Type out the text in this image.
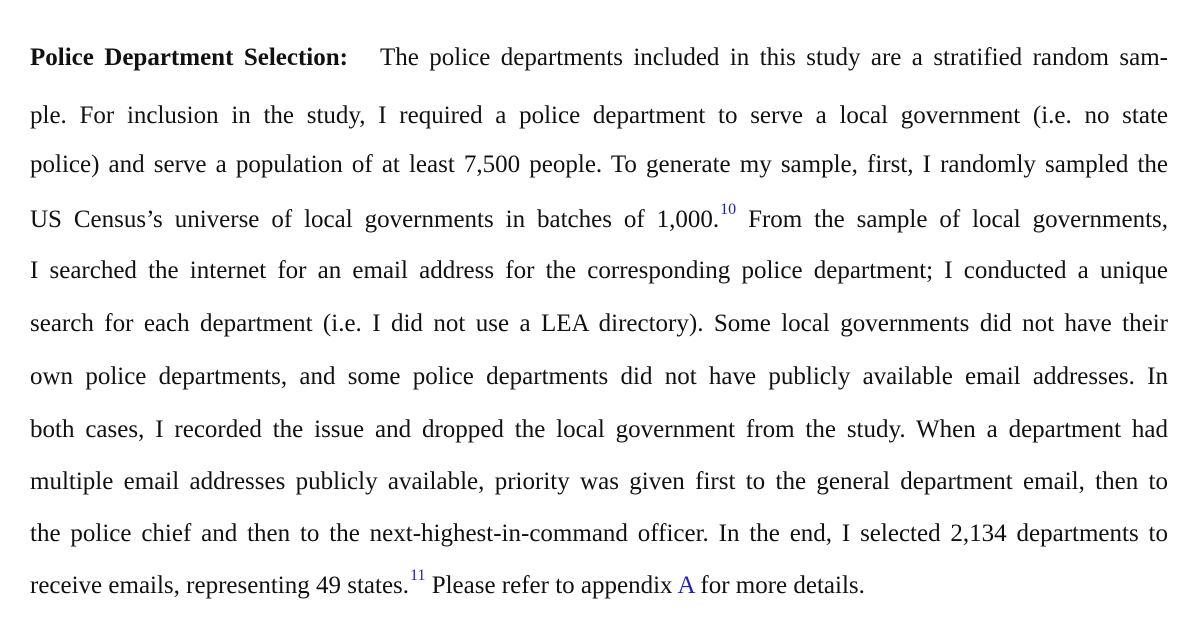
Police Department Selection: The police departments included in this study are a stratified random sam-
ple. For inclusion in the study, I required a police department to serve a local government (i.e. no state
police) and serve a population of at least 7,500 people. To generate my sample, first, I randomly sampled the
US Census’s universe of local governments in batches of 1,000.10 From the sample of local governments,
I searched the internet for an email address for the corresponding police department; I conducted a unique
search for each department (i.e. I did not use a LEA directory). Some local governments did not have their
own police departments, and some police departments did not have publicly available email addresses. In
both cases, I recorded the issue and dropped the local government from the study. When a department had
multiple email addresses publicly available, priority was given first to the general department email, then to
the police chief and then to the next-highest-in-command officer. In the end, I selected 2,134 departments to
receive emails, representing 49 states.$^{11}$ Please refer to appendix A for more details.
